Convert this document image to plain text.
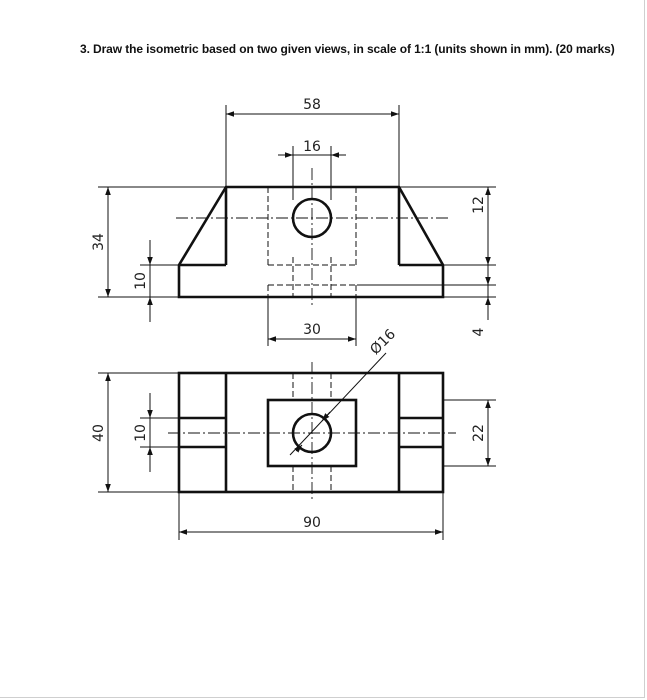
3. Draw the isometric based on two given views, in scale of 1:1 (units shown in mm). (20 marks)
58
16
34
10
12
4
30	Ø16
40 10	22
90
